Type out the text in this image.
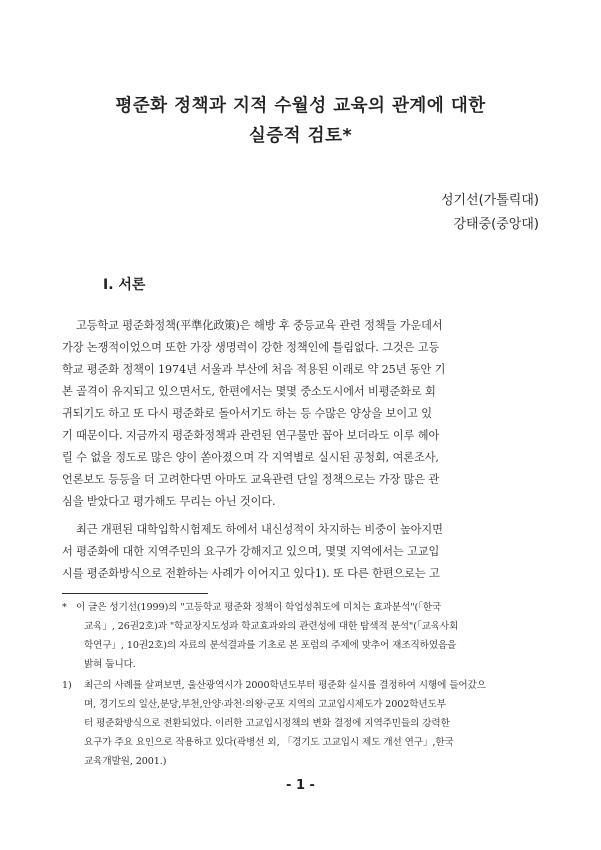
평준화 정책과 지적 수월성 교육의 관계에 대한
실증적 검토*
성기선(가톨릭대)
강태중(중앙대)
Ⅰ. 서론
고등학교 평준화정책(平準化政策)은 해방 후 중등교육 관련 정책들 가운데서
가장 논쟁적이었으며 또한 가장 생명력이 강한 정책인에 틀림없다. 그것은 고등
학교 평준화 정책이 1974년 서울과 부산에 처음 적용된 이래로 약 25년 동안 기
본 골격이 유지되고 있으면서도, 한편에서는 몇몇 중소도시에서 비평준화로 회
귀되기도 하고 또 다시 평준화로 돌아서기도 하는 등 수많은 양상을 보이고 있
기 때문이다. 지금까지 평준화정책과 관련된 연구물만 꼽아 보더라도 이루 헤아
릴 수 없을 정도로 많은 양이 쏟아졌으며 각 지역별로 실시된 공청회, 여론조사,
언론보도 등등을 더 고려한다면 아마도 교육관련 단일 정책으로는 가장 많은 관
심을 받았다고 평가해도 무리는 아닌 것이다.
최근 개편된 대학입학시험제도 하에서 내신성적이 차지하는 비중이 높아지면
서 평준화에 대한 지역주민의 요구가 강해지고 있으며, 몇몇 지역에서는 고교입
시를 평준화방식으로 전환하는 사례가 이어지고 있다1). 또 다른 한편으로는 고
* 이 글은 성기선(1999)의 "고등학교 평준화 정책이 학업성취도에 미치는 효과분석"(「한국
교육」, 26권2호)과 "학교장지도성과 학교효과와의 관련성에 대한 탐색적 분석"(「교육사회
학연구」, 10권2호)의 자료의 분석결과를 기초로 본 포럼의 주제에 맞추어 재조직하였음을
밝혀 둡니다.
1)	최근의 사례를 살펴보면, 울산광역시가 2000학년도부터 평준화 실시를 결정하여 시행에 들어갔으
며, 경기도의 일산,분당,부천,안양·과천·의왕·군포 지역의 고교입시제도가 2002학년도부
터 평준화방식으로 전환되었다. 이러한 고교입시정책의 변화 결정에 지역주민들의 강력한
요구가 주요 요인으로 작용하고 있다(곽병선 외, 「경기도 고교입시 제도 개선 연구」,한국
교육개발원, 2001.)
- 1 -
